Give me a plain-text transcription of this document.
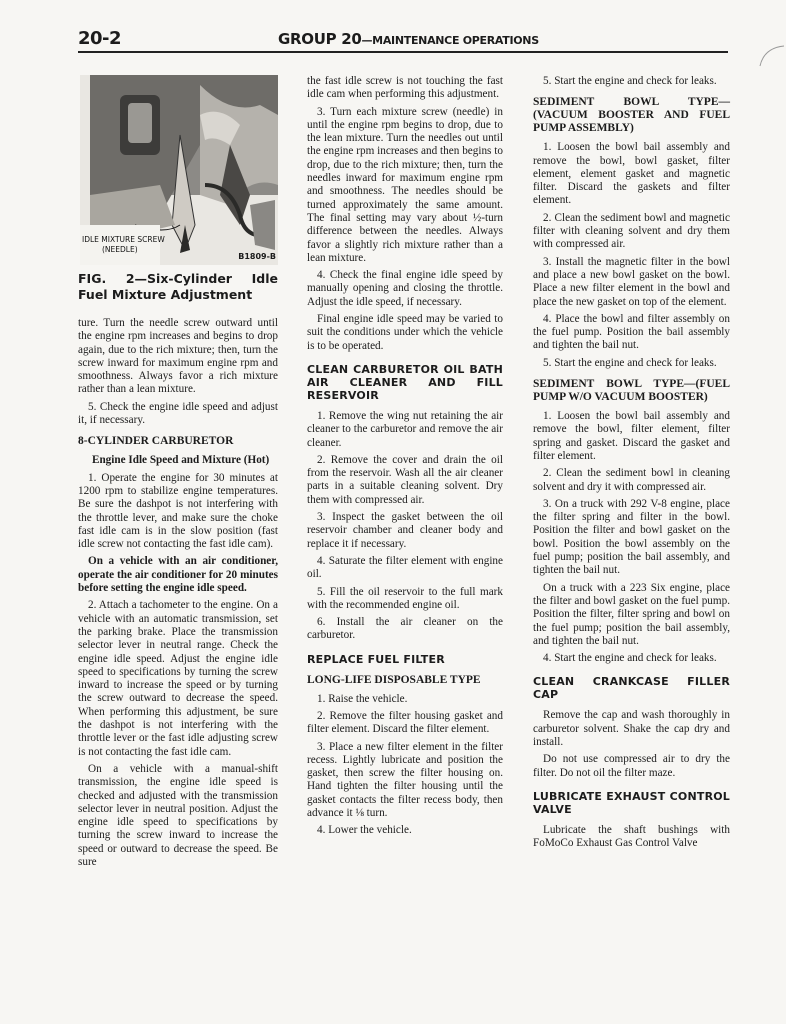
20-2	GROUP 20—MAINTENANCE OPERATIONS
IDLE MIXTURE SCREW
(NEEDLE)
B1809-B
FIG. 2—Six-Cylinder Idle Fuel Mixture Adjustment

ture. Turn the needle screw outward until the engine rpm increases and begins to drop again, due to the rich mixture; then, turn the screw inward for maximum engine rpm and smoothness. Always favor a rich mixture rather than a lean mixture.

5. Check the engine idle speed and adjust it, if necessary.

8-CYLINDER CARBURETOR
Engine Idle Speed and Mixture (Hot)

1. Operate the engine for 30 minutes at 1200 rpm to stabilize engine temperatures. Be sure the dashpot is not interfering with the throttle lever, and make sure the choke fast idle cam is in the slow position (fast idle screw not contacting the fast idle cam).

On a vehicle with an air conditioner, operate the air conditioner for 20 minutes before setting the engine idle speed.

2. Attach a tachometer to the engine. On a vehicle with an automatic transmission, set the parking brake. Place the transmission selector lever in neutral range. Check the engine idle speed. Adjust the engine idle speed to specifications by turning the screw inward to increase the speed or by turning the screw outward to decrease the speed. When performing this adjustment, be sure the dashpot is not interfering with the throttle lever or the fast idle adjusting screw is not contacting the fast idle cam.

On a vehicle with a manual-shift transmission, the engine idle speed is checked and adjusted with the transmission selector lever in neutral position. Adjust the engine idle speed to specifications by turning the screw inward to increase the speed or outward to decrease the speed. Be sure

the fast idle screw is not touching the fast idle cam when performing this adjustment.

3. Turn each mixture screw (needle) in until the engine rpm begins to drop, due to the lean mixture. Turn the needles out until the engine rpm increases and then begins to drop, due to the rich mixture; then, turn the needles inward for maximum engine rpm and smoothness. The needles should be turned approximately the same amount. The final setting may vary about ½-turn difference between the needles. Always favor a slightly rich mixture rather than a lean mixture.

4. Check the final engine idle speed by manually opening and closing the throttle. Adjust the idle speed, if necessary.

Final engine idle speed may be varied to suit the conditions under which the vehicle is to be operated.

CLEAN CARBURETOR OIL BATH AIR CLEANER AND FILL RESERVOIR

1. Remove the wing nut retaining the air cleaner to the carburetor and remove the air cleaner.

2. Remove the cover and drain the oil from the reservoir. Wash all the air cleaner parts in a suitable cleaning solvent. Dry them with compressed air.

3. Inspect the gasket between the oil reservoir chamber and cleaner body and replace it if necessary.

4. Saturate the filter element with engine oil.

5. Fill the oil reservoir to the full mark with the recommended engine oil.

6. Install the air cleaner on the carburetor.

REPLACE FUEL FILTER
LONG-LIFE DISPOSABLE TYPE

1. Raise the vehicle.

2. Remove the filter housing gasket and filter element. Discard the filter element.

3. Place a new filter element in the filter recess. Lightly lubricate and position the gasket, then screw the filter housing on. Hand tighten the filter housing until the gasket contacts the filter recess body, then advance it ⅛ turn.

4. Lower the vehicle.

5. Start the engine and check for leaks.

SEDIMENT BOWL TYPE—(VACUUM BOOSTER AND FUEL PUMP ASSEMBLY)

1. Loosen the bowl bail assembly and remove the bowl, bowl gasket, filter element, element gasket and magnetic filter. Discard the gaskets and filter element.

2. Clean the sediment bowl and magnetic filter with cleaning solvent and dry them with compressed air.

3. Install the magnetic filter in the bowl and place a new bowl gasket on the bowl. Place a new filter element in the bowl and place the new gasket on top of the element.

4. Place the bowl and filter assembly on the fuel pump. Position the bail assembly and tighten the bail nut.

5. Start the engine and check for leaks.

SEDIMENT BOWL TYPE—(FUEL PUMP W/O VACUUM BOOSTER)

1. Loosen the bowl bail assembly and remove the bowl, filter element, filter spring and gasket. Discard the gasket and filter element.

2. Clean the sediment bowl in cleaning solvent and dry it with compressed air.

3. On a truck with 292 V-8 engine, place the filter spring and filter in the bowl. Position the filter and bowl gasket on the bowl. Position the bowl assembly on the fuel pump; position the bail assembly, and tighten the bail nut.

On a truck with a 223 Six engine, place the filter and bowl gasket on the fuel pump. Position the filter, filter spring and bowl on the fuel pump; position the bail assembly, and tighten the bail nut.

4. Start the engine and check for leaks.

CLEAN CRANKCASE FILLER CAP

Remove the cap and wash thoroughly in carburetor solvent. Shake the cap dry and install.

Do not use compressed air to dry the filter. Do not oil the filter maze.

LUBRICATE EXHAUST CONTROL VALVE

Lubricate the shaft bushings with FoMoCo Exhaust Gas Control Valve
